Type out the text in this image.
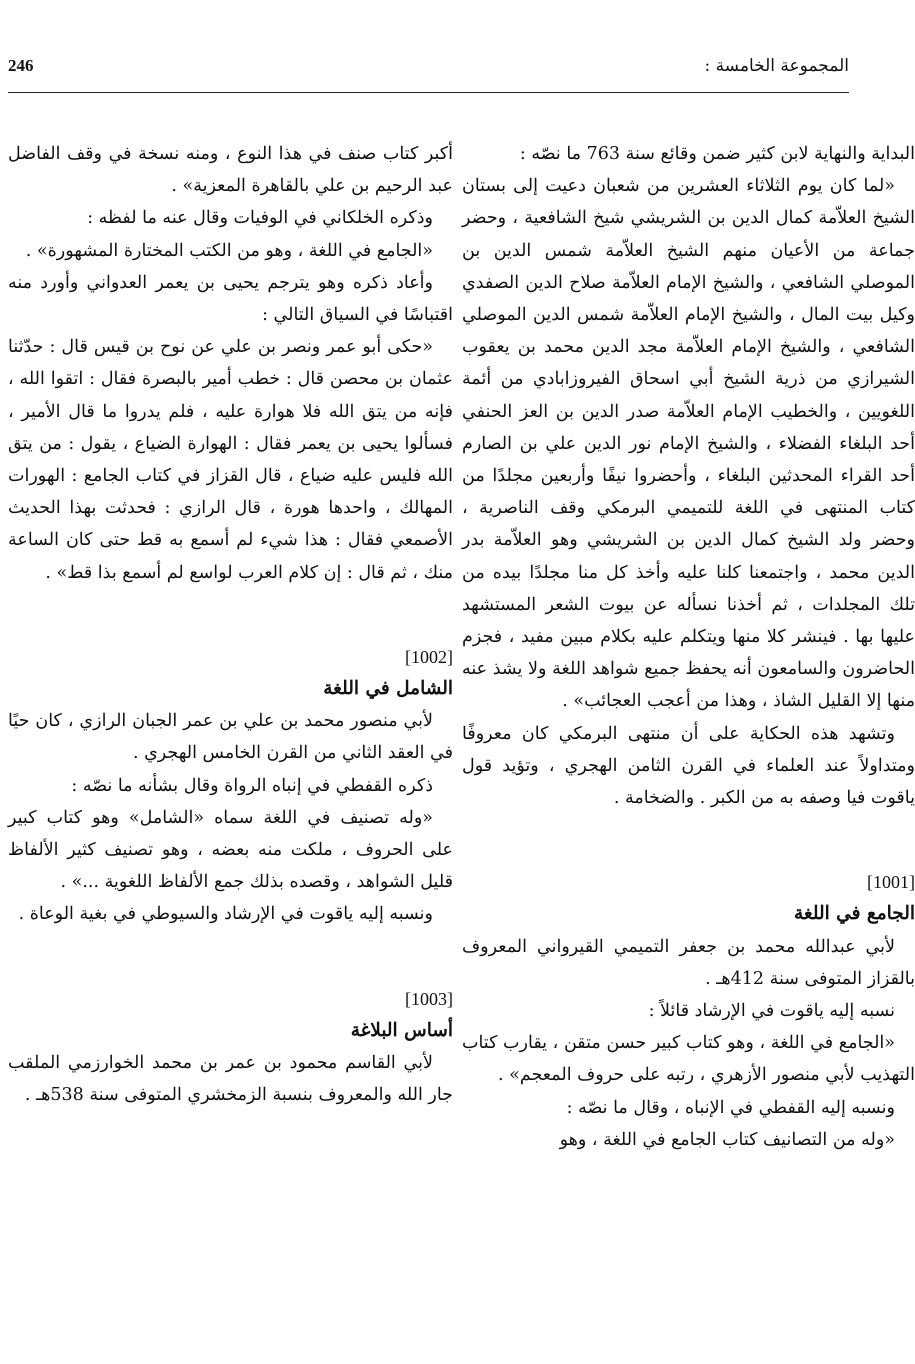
246	المجموعة الخامسة :

البداية والنهاية لابن كثير ضمن وقائع سنة 763 ما نصّه :

«لما كان يوم الثلاثاء العشرين من شعبان دعيت إلى بستان الشيخ العلاّمة كمال الدين بن الشريشي شيخ الشافعية ، وحضر جماعة من الأعيان منهم الشيخ العلاّمة شمس الدين بن الموصلي الشافعي ، والشيخ الإمام العلاّمة صلاح الدين الصفدي وكيل بيت المال ، والشيخ الإمام العلاّمة شمس الدين الموصلي الشافعي ، والشيخ الإمام العلاّمة مجد الدين محمد بن يعقوب الشيرازي من ذرية الشيخ أبي اسحاق الفيروزابادي من أئمة اللغويين ، والخطيب الإمام العلاّمة صدر الدين بن العز الحنفي أحد البلغاء الفضلاء ، والشيخ الإمام نور الدين علي بن الصارم أحد القراء المحدثين البلغاء ، وأحضروا نيفًا وأربعين مجلدًا من كتاب المنتهى في اللغة للتميمي البرمكي وقف الناصرية ، وحضر ولد الشيخ كمال الدين بن الشريشي وهو العلاّمة بدر الدين محمد ، واجتمعنا كلنا عليه وأخذ كل منا مجلدًا بيده من تلك المجلدات ، ثم أخذنا نسأله عن بيوت الشعر المستشهد عليها بها . فينشر كلا منها ويتكلم عليه بكلام مبين مفيد ، فجزم الحاضرون والسامعون أنه يحفظ جميع شواهد اللغة ولا يشذ عنه منها إلا القليل الشاذ ، وهذا من أعجب العجائب» .

وتشهد هذه الحكاية على أن منتهى البرمكي كان معروفًا ومتداولاً عند العلماء في القرن الثامن الهجري ، وتؤيد قول ياقوت فيا وصفه به من الكبر . والضخامة .

[1001]

الجامع في اللغة

لأبي عبدالله محمد بن جعفر التميمي القيرواني المعروف بالقزاز المتوفى سنة 412هـ .

نسبه إليه ياقوت في الإرشاد قائلاً :

«الجامع في اللغة ، وهو كتاب كبير حسن متقن ، يقارب كتاب التهذيب لأبي منصور الأزهري ، رتبه على حروف المعجم» .

ونسبه إليه القفطي في الإنباه ، وقال ما نصّه :

«وله من التصانيف كتاب الجامع في اللغة ، وهو

أكبر كتاب صنف في هذا النوع ، ومنه نسخة في وقف الفاضل عبد الرحيم بن علي بالقاهرة المعزية» .

وذكره الخلكاني في الوفيات وقال عنه ما لفظه :

«الجامع في اللغة ، وهو من الكتب المختارة المشهورة» .

وأعاد ذكره وهو يترجم يحيى بن يعمر العدواني وأورد منه اقتباسًا في السياق التالي :

«حكى أبو عمر ونصر بن علي عن نوح بن قيس قال : حدّثنا عثمان بن محصن قال : خطب أمير بالبصرة فقال : اتقوا الله ، فإنه من يتق الله فلا هوارة عليه ، فلم يدروا ما قال الأمير ، فسألوا يحيى بن يعمر فقال : الهوارة الضياع ، يقول : من يتق الله فليس عليه ضياع ، قال القزاز في كتاب الجامع : الهورات المهالك ، واحدها هورة ، قال الرازي : فحدثت بهذا الحديث الأصمعي فقال : هذا شيء لم أسمع به قط حتى كان الساعة منك ، ثم قال : إن كلام العرب لواسع لم أسمع بذا قط» .

[1002]

الشامل في اللغة

لأبي منصور محمد بن علي بن عمر الجبان الرازي ، كان حيًا في العقد الثاني من القرن الخامس الهجري .

ذكره القفطي في إنباه الرواة وقال بشأنه ما نصّه :

«وله تصنيف في اللغة سماه «الشامل» وهو كتاب كبير على الحروف ، ملكت منه بعضه ، وهو تصنيف كثير الألفاظ قليل الشواهد ، وقصده بذلك جمع الألفاظ اللغوية ...» .

ونسبه إليه ياقوت في الإرشاد والسيوطي في بغية الوعاة .

[1003]

أساس البلاغة

لأبي القاسم محمود بن عمر بن محمد الخوارزمي الملقب جار الله والمعروف بنسبة الزمخشري المتوفى سنة 538هـ .
